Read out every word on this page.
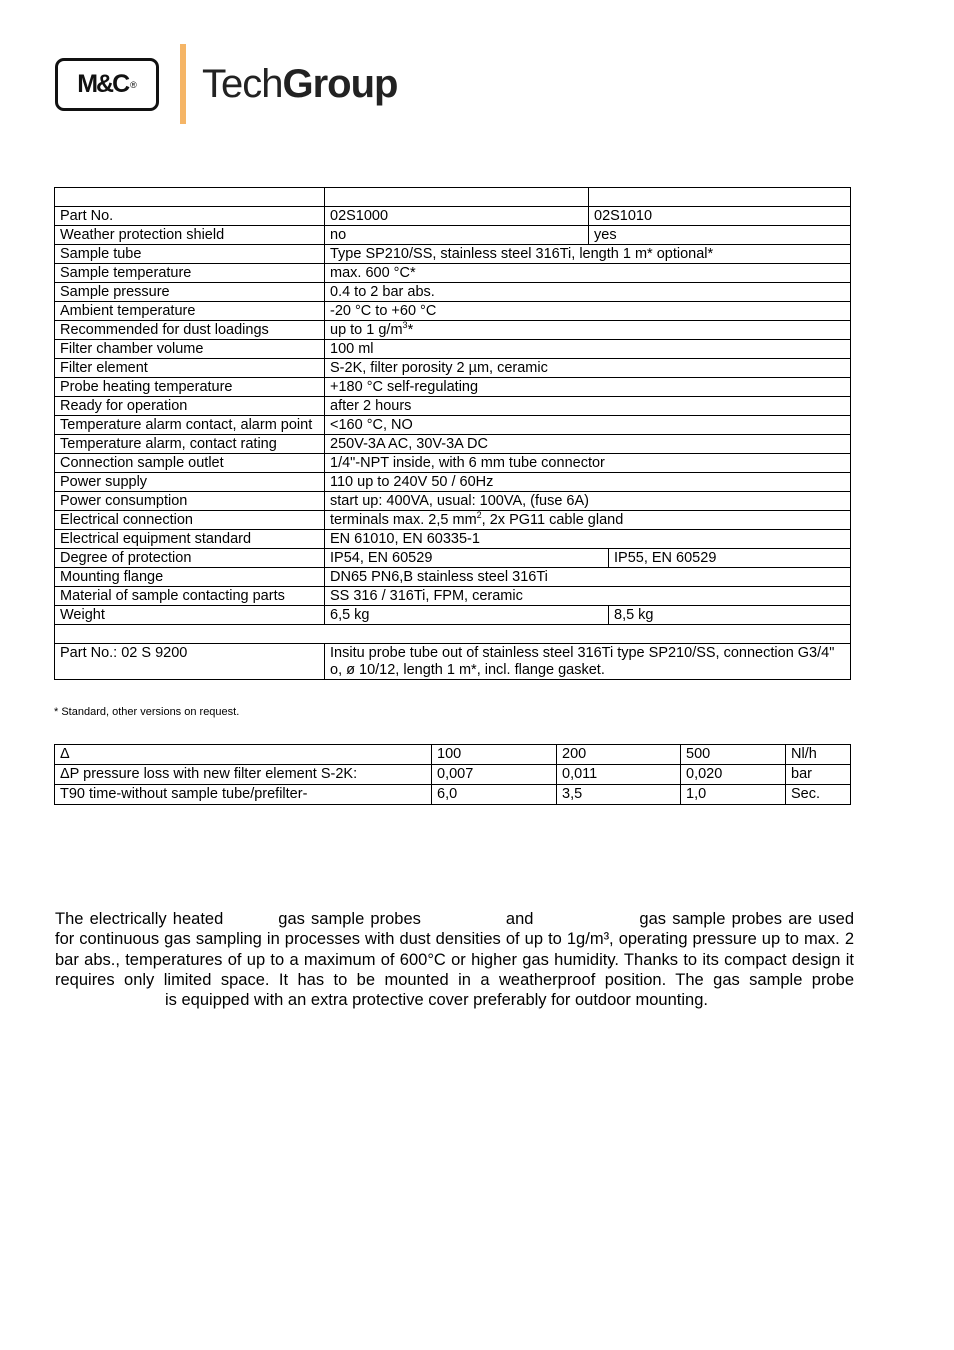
M&C ® TechGroup

Part No.	02S1000	02S1010	
Weather protection shield	no	yes	
Sample tube	Type SP210/SS, stainless steel 316Ti, length 1 m* optional*		
Sample temperature	max. 600 °C*		
Sample pressure	0.4 to 2 bar abs.		
Ambient temperature	-20 °C to +60 °C		
Recommended for dust loadings	up to 1 $g/m^3*$		
Filter chamber volume	100 ml		
Filter element	S-2K, filter porosity 2 µm, ceramic		
Probe heating temperature	+180 °C self-regulating		
Ready for operation	after 2 hours		
Temperature alarm contact, alarm point	<160 °C, NO		
Temperature alarm, contact rating	250V-3A AC, 30V-3A DC		
Connection sample outlet	1/4"-NPT inside, with 6 mm tube connector		
Power supply	110 up to 240V 50 / 60Hz		
Power consumption	start up: 400VA, usual: 100VA, (fuse 6A)		
Electrical connection	terminals max. 2,5 $mm^2$, 2x PG11 cable gland		
Electrical equipment standard	EN 61010, EN 60335-1		
Degree of protection	IP54, EN 60529		IP55, EN 60529
Mounting flange	DN65 PN6,B stainless steel 316Ti		
Material of sample contacting parts	SS 316 / 316Ti, FPM, ceramic		
Weight	6,5 kg		8,5 kg

Part No.: 02 S 9200	Insitu probe tube out of stainless steel 316Ti type SP210/SS, connection G3/4" o, ø 10/12, length 1 m*, incl. flange gasket.		
* Standard, other versions on request.
Δ	100	200	500	Nl/h
ΔP pressure loss with new filter element S-2K:	0,007	0,011	0,020	bar
T90 time-without sample tube/prefilter-	6,0	3,5	1,0	Sec.
The electrically heated	gas sample probes	and	gas sample probes are used for continuous gas sampling in processes with dust densities of up to 1g/m³, operating pressure up to max. 2 bar abs., temperatures of up to a maximum of 600°C or higher gas humidity. Thanks to its compact design it requires only limited space. It has to be mounted in a weatherproof position. The gas sample probeis equipped with an extra protective cover preferably for outdoor mounting.
